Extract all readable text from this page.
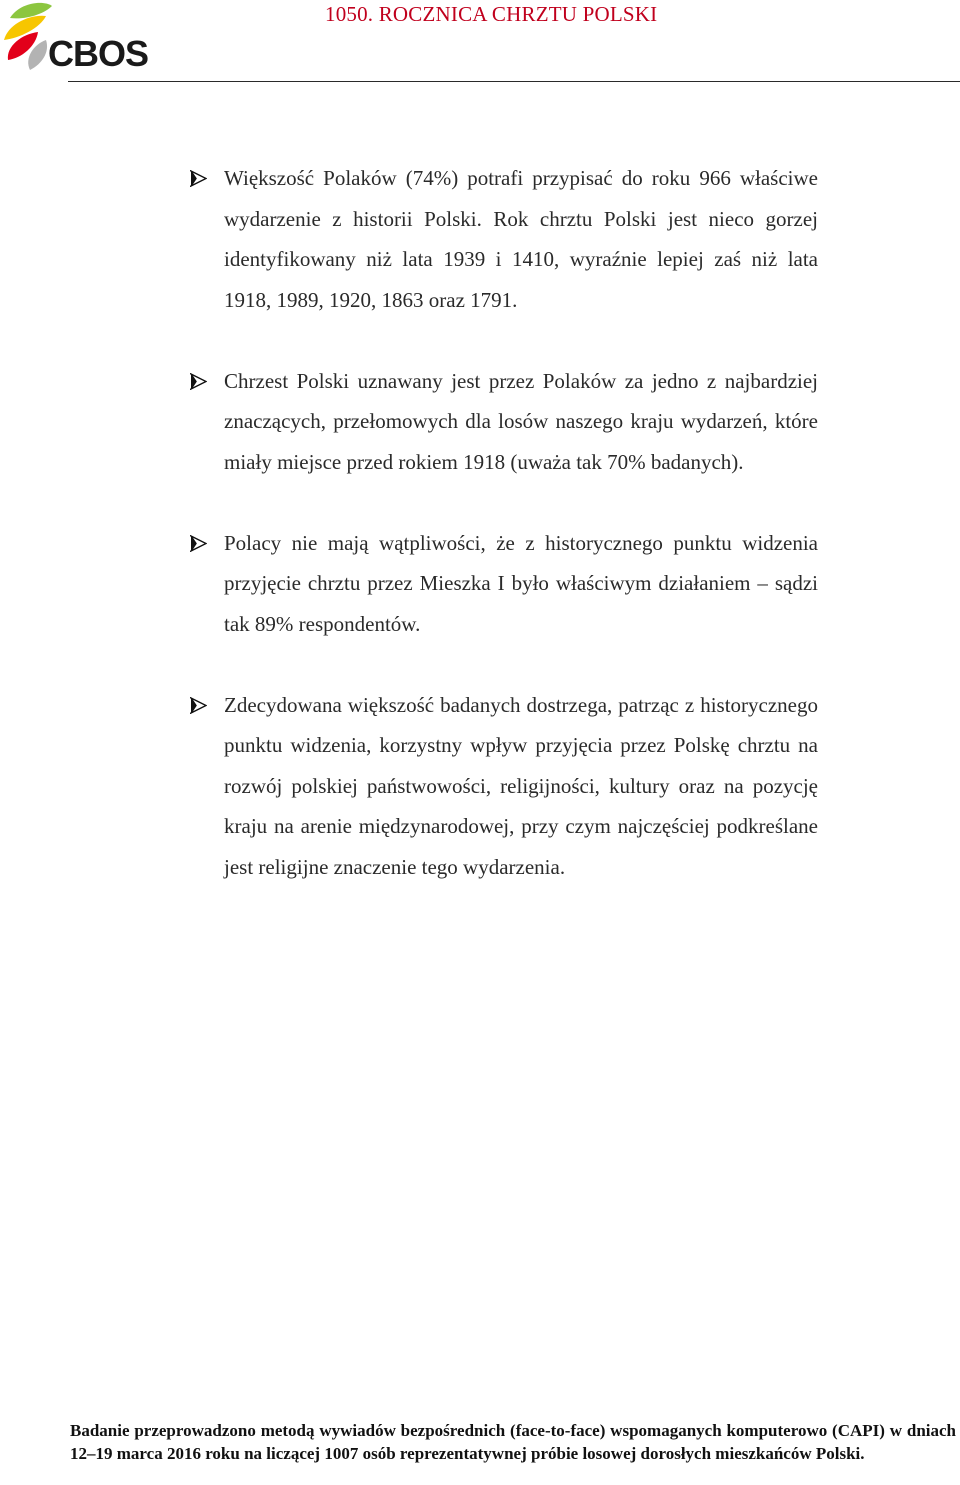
CBOS
1050. ROCZNICA CHRZTU POLSKI
Większość Polaków (74%) potrafi przypisać do roku 966 właściwe wydarzenie z historii Polski. Rok chrztu Polski jest nieco gorzej identyfikowany niż lata 1939 i 1410, wyraźnie lepiej zaś niż lata 1918, 1989, 1920, 1863 oraz 1791.
Chrzest Polski uznawany jest przez Polaków za jedno z najbardziej znaczących, przełomowych dla losów naszego kraju wydarzeń, które miały miejsce przed rokiem 1918 (uważa tak 70% badanych).
Polacy nie mają wątpliwości, że z historycznego punktu widzenia przyjęcie chrztu przez Mieszka I było właściwym działaniem – sądzi tak 89% respondentów.
Zdecydowana większość badanych dostrzega, patrząc z historycznego punktu widzenia, korzystny wpływ przyjęcia przez Polskę chrztu na rozwój polskiej państwowości, religijności, kultury oraz na pozycję kraju na arenie międzynarodowej, przy czym najczęściej podkreślane jest religijne znaczenie tego wydarzenia.
Badanie przeprowadzono metodą wywiadów bezpośrednich (face-to-face) wspomaganych komputerowo (CAPI) w dniach 12–19 marca 2016 roku na liczącej 1007 osób reprezentatywnej próbie losowej dorosłych mieszkańców Polski.
